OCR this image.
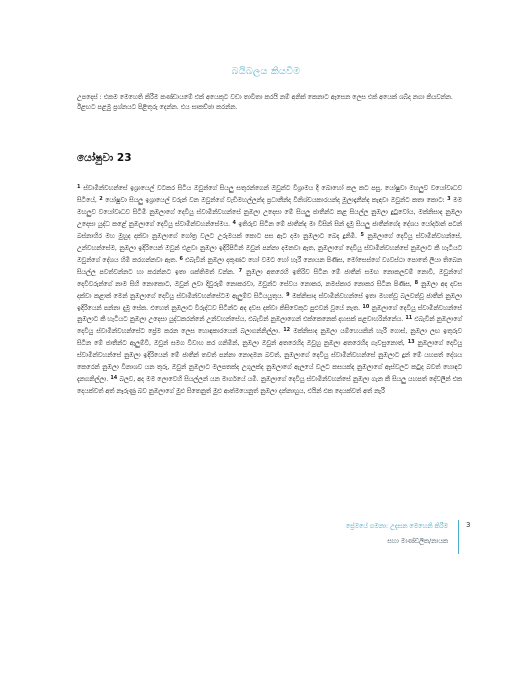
බයිබලය කියවීම

උපදෙස් : එකම මෙහෙති කිරීම කණ්ඩායමේ එක් අයෙකුට වඩා තාවිතා කරයි නම් අනික් කෙනාට ඇසෙන ලෙස එක් අයෙක් ශබ්ද නගා කියවන්න. ඊළඟට පළමු ප්‍රශ්නයට පිළිතුරු දෙන්න. එය සාකච්ඡා කරන්න.

යෝෂුවා 23

$^1$ ස්වාමීන්වහන්සේ ඉශ්‍රායෙල් වටකර සිටිය ඔවුන්ගේ සියලු සතුරන්ගෙන් ඔවුන්ට විශ්‍රාමය දී බොහෝ කල කට පසු, යෝෂුවා මහලුව වයෝවෘධව සිටියේ, $^2$ යෝෂුවා සියලු ඉශ්‍රායෙල් වරුන් වන ඔවුන්ගේ වැඩිමහල්ලන්ද ප්‍රධානීන්ද විනිශ්චයකාරයන්ද මූලාදෑනීන්ද කැඳවා ඔවුන්ට කතා කොට: $^3$ මම මහලුව වයෝවෘධව සිටිමි නුඹලාගේ දෙවියු ස්වාමීන්වහන්සේ නුඹලා උදෙසා මේ සියලු ජාතීන්ට කළ සියල්ල නුඹලා දුටුවෝය, මක්නිසාද නුඹලා උදෙසා යුද්ධ කළේ නුඹලාගේ දෙවියු ස්වාමීන්වහන්සේමය. $^4$ ඉතිරුව සිටින මේ ජාතීන්ද මා විසින් සින් දැමූ සියලු ජාතීන්ගේද දේශය යෝර්දාන් පටන් බස්නාහිර මහ මුහුද දක්වා නුඹලාගේ ගෝත්‍ර වලට උරුමයක් කොට පස ඇට දමා නුඹලාට බෙදා දුනිමි. $^5$ නුඹලාගේ දෙවියු ස්වාමීන්වහන්සේ, උන්වහන්සේම, නුඹලා ඉදිරියෙන් ඔවුන් එළවා නුඹලා ඉදිරිපිටින් ඔවුන් පන්නා දමනවා ඇත, නුඹලාගේ දෙවියු ස්වාමීන්වහන්සේ නුඹලාට කී හැටියට ඔවුන්ගේ දේශය හිමි කරගන්නවා ඇත. $^6$ එබැවින් නුඹලා දකුණට හෝ වමට හෝ හැරී නොයන පිණිස, මෝසෙස්ගේ ව්‍යවස්ථා පොතේ ලියා තිබෙන සියල්ල පවත්වන්නට හා කරන්නට ඉතා ශක්තිමත් වන්න. $^7$ නුඹලා අතරෙහි ඉතිරිව සිටින මේ ජාතීන් සමඟ නොකලවම් නොවී, ඔවුන්ගේ දෙවිවරුන්ගේ නාම සිහි නොකොට, ඔවුන් ලවා දිවුරුම් නොකරවා, ඔවුන්ට සේවය නොකර, නමස්කාර නොකර සිටින පිණිස, $^8$ නුඹලා අද දවස දක්වා කළාක් මෙන් නුඹලාගේ දෙවියු ස්වාමීන්වහන්සේටම ඇලුම්ව සිටියයුතුය. $^9$ මක්නිසාද ස්වාමීන්වහන්සේ ඉතා මහත්වූ බලවත්වූ ජාතීන් නුඹලා ඉදිරියෙන් පන්නා දැමූ සේක. එහෙත් නුඹලාට විරුද්ධව සිටින්ට අද දවස දක්වා කිසිවෙකුට පුළුවන් වූයේ නැත. $^{10}$ නුඹලාගේ දෙවියු ස්වාමීන්වහන්සේ නුඹලාට කී හැටියට නුඹලා උදෙසා යුද්ධකරන්නේ උන්වහන්සේය, එබැවින් නුඹලාගෙන් එක්කෙනෙක් දහසක් පළවාහරින්නේය. $^{11}$ එබැවින් නුඹලාගේ දෙවියු ස්වාමීන්වහන්සේට ප්‍රේම කරන ලෙස හොඳකාරයෙන් බලාගන්නිල්ලා. $^{12}$ මක්නිසාද නුඹලා යම්හෙයකින් හැරී ගොස්, නුඹලා ලඟ ඉතුරුව සිටින මේ ජාතීන්ට ඇලුම්වී, ඔවුන් සමග විවාහ කර ගනිමින්, නුඹලා ඔවුන් අතරෙහිද ඔවුහු නුඹලා අතරෙහිද ගැවසුනොත්, $^{13}$ නුඹලාගේ දෙවියු ස්වාමීන්වහන්සේ නුඹලා ඉදිරියෙන් මේ ජාතීන් තවත් පන්නා නොදමන බවත්, නුඹලාගේ දෙවියු ස්වාමීන්වහන්සේ නුඹලාට දුන් මේ යහපත් දේශය කෙරෙන් නුඹලා විනාශව යන තුරු, ඔවුන් නුඹලාට මලපතක්ද උගුලක්ද නුඹලාගේ ඇලයේ වලට කසයක්ද නුඹලාගේ ඇස්වලට කටුද බවත් හොඳට දැනගනිල්ලා. $^{14}$ බලව, අද මම ලොවෙහි සියල්ලන් යන මාර්ගයේ යමි. නුඹලාගේ දෙවියු ස්වාමීන්වහන්සේ නුඹලා ගැන කී සියලු යහපත් දේවලින් එක දෙයක්වත් අත් නෑරුණු බව නුඹලාගේ මුළු සිතෙනුත් මුළු ආත්මයෙනුත් නුඹලා දන්නාහුය, එයින් එක දෙයක්වත් අත් නැරී

ප්‍රේමයේ ගමනා: උදැසන මෙහෙනි කිරීම
සහා මාණ්ඩලික/නායක
3
